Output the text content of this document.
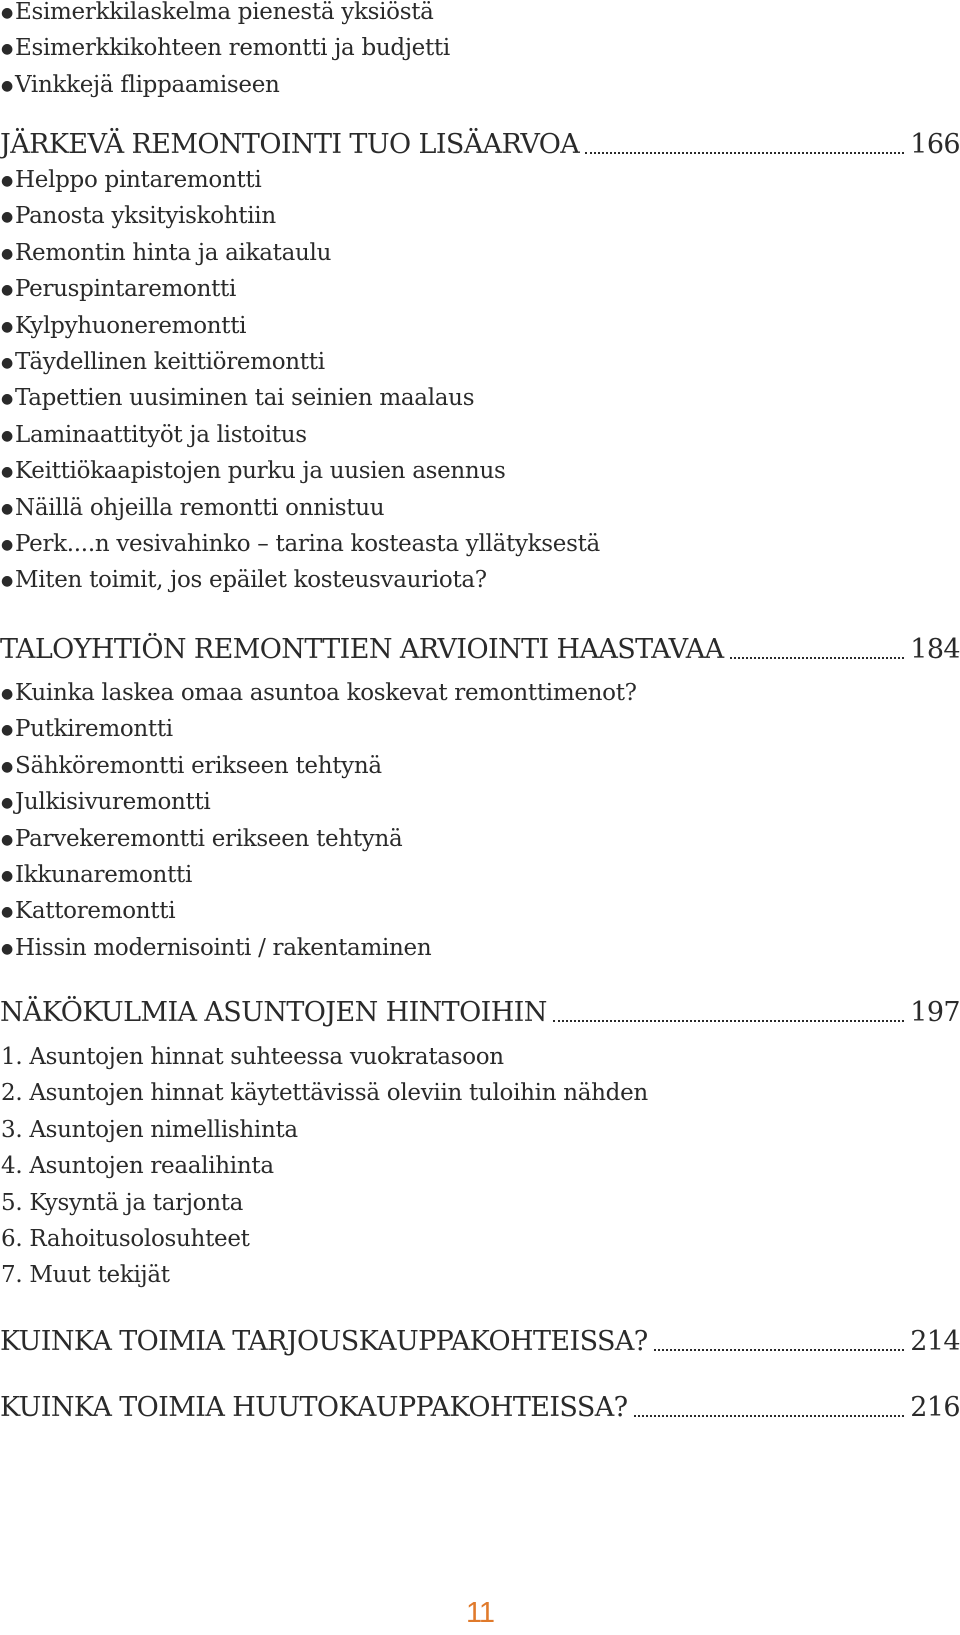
●Esimerkkilaskelma pienestä yksiöstä
●Esimerkkikohteen remontti ja budjetti
●Vinkkejä flippaamiseen
JÄRKEVÄ REMONTOINTI TUO LISÄARVOA	166
●Helppo pintaremontti
●Panosta yksityiskohtiin
●Remontin hinta ja aikataulu
●Peruspintaremontti
●Kylpyhuoneremontti
●Täydellinen keittiöremontti
●Tapettien uusiminen tai seinien maalaus
●Laminaattityöt ja listoitus
●Keittiökaapistojen purku ja uusien asennus
●Näillä ohjeilla remontti onnistuu
●Perk....n vesivahinko – tarina kosteasta yllätyksestä
●Miten toimit, jos epäilet kosteusvauriota?
TALOYHTIÖN REMONTTIEN ARVIOINTI HAASTAVAA	184
●Kuinka laskea omaa asuntoa koskevat remonttimenot?
●Putkiremontti
●Sähköremontti erikseen tehtynä
●Julkisivuremontti
●Parvekeremontti erikseen tehtynä
●Ikkunaremontti
●Kattoremontti
●Hissin modernisointi / rakentaminen
NÄKÖKULMIA ASUNTOJEN HINTOIHIN	197
1. Asuntojen hinnat suhteessa vuokratasoon
2. Asuntojen hinnat käytettävissä oleviin tuloihin nähden
3. Asuntojen nimellishinta
4. Asuntojen reaalihinta
5. Kysyntä ja tarjonta
6. Rahoitusolosuhteet
7. Muut tekijät
KUINKA TOIMIA TARJOUSKAUPPAKOHTEISSA?	214
KUINKA TOIMIA HUUTOKAUPPAKOHTEISSA?	216
11
